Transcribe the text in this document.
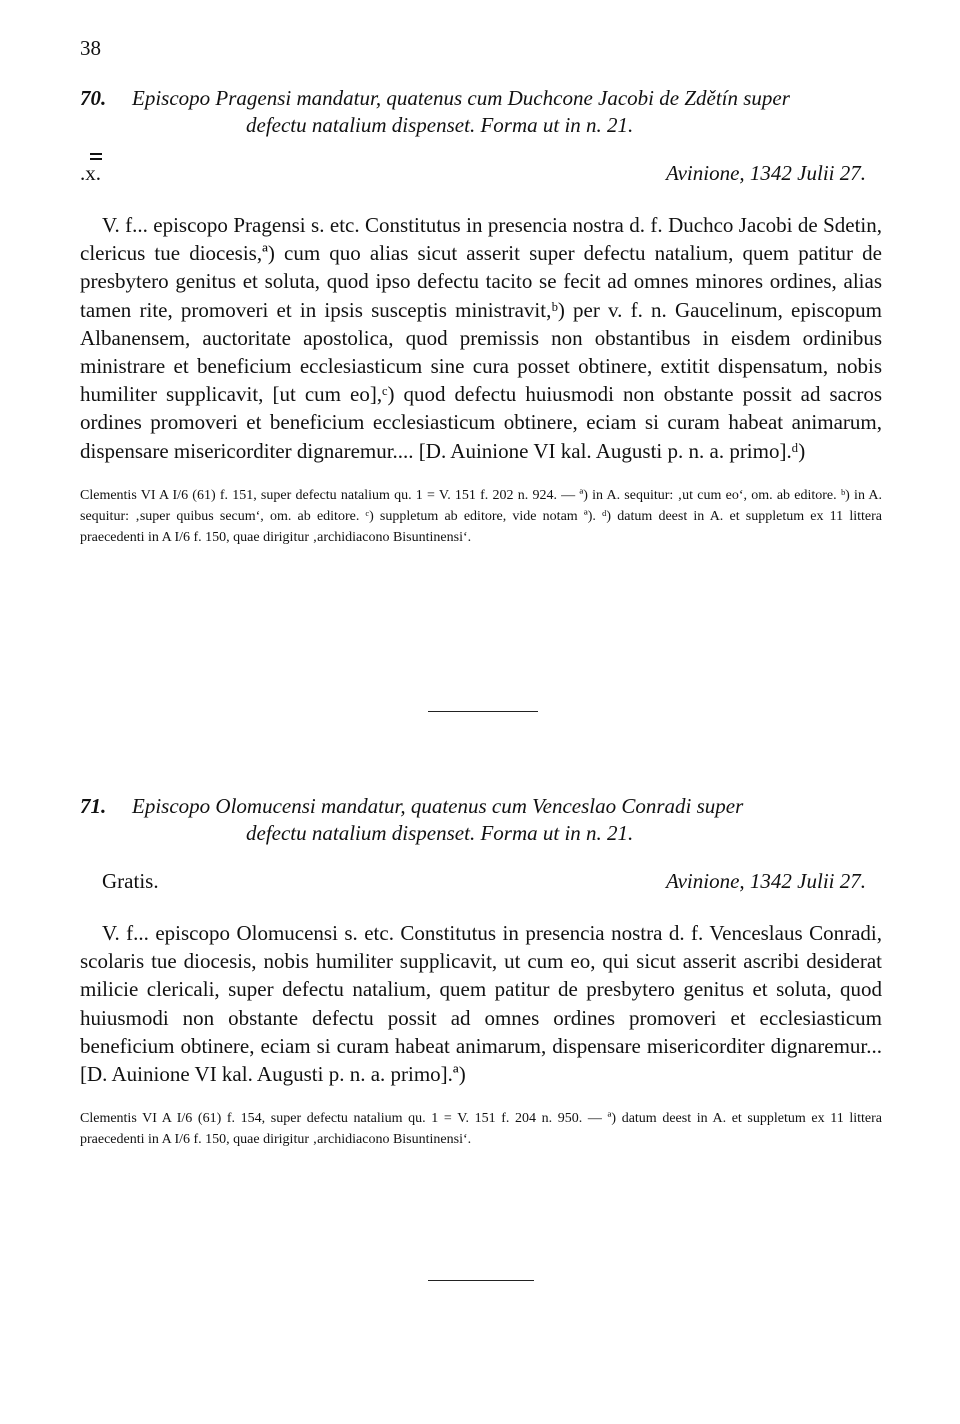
38
70.	Episcopo Pragensi mandatur, quatenus cum Duchcone Jacobi de Zdětín super
defectu natalium dispenset. Forma ut in n. 21.
.x.	Avinione, 1342 Julii 27.
V. f... episcopo Pragensi s. etc. Constitutus in presencia nostra d. f. Duchco Jacobi de Sdetin, clericus tue diocesis,ª) cum quo alias sicut asserit super defectu natalium, quem patitur de presbytero genitus et soluta, quod ipso defectu tacito se fecit ad omnes minores ordines, alias tamen rite, promoveri et in ipsis susceptis ministravit,ᵇ) per v. f. n. Gaucelinum, episcopum Albanensem, auctoritate apostolica, quod premissis non obstantibus in eisdem ordinibus ministrare et beneficium ecclesiasticum sine cura posset obtinere, extitit dispensatum, nobis humiliter supplicavit, [ut cum eo],ᶜ) quod defectu huiusmodi non obstante possit ad sacros ordines promoveri et beneficium ecclesiasticum obtinere, eciam si curam habeat animarum, dispensare misericorditer dignaremur.... [D. Auinione VI kal. Augusti p. n. a. primo].ᵈ)
Clementis VI A I/6 (61) f. 151, super defectu natalium qu. 1 = V. 151 f. 202 n. 924. — ª) in A. sequitur: ‚ut cum eo‘, om. ab editore. ᵇ) in A. sequitur: ‚super quibus secum‘, om. ab editore. ᶜ) suppletum ab editore, vide notam ª). ᵈ) datum deest in A. et suppletum ex 11 littera praecedenti in A I/6 f. 150, quae dirigitur ‚archidiacono Bisuntinensi‘.
71.	Episcopo Olomucensi mandatur, quatenus cum Venceslao Conradi super
defectu natalium dispenset. Forma ut in n. 21.
Gratis.	Avinione, 1342 Julii 27.
V. f... episcopo Olomucensi s. etc. Constitutus in presencia nostra d. f. Venceslaus Conradi, scolaris tue diocesis, nobis humiliter supplicavit, ut cum eo, qui sicut asserit ascribi desiderat milicie clericali, super defectu natalium, quem patitur de presbytero genitus et soluta, quod huiusmodi non obstante defectu possit ad omnes ordines promoveri et ecclesiasticum beneficium obtinere, eciam si curam habeat animarum, dispensare misericorditer dignaremur... [D. Auinione VI kal. Augusti p. n. a. primo].ª)
Clementis VI A I/6 (61) f. 154, super defectu natalium qu. 1 = V. 151 f. 204 n. 950. — ª) datum deest in A. et suppletum ex 11 littera praecedenti in A I/6 f. 150, quae dirigitur ‚archidiacono Bisuntinensi‘.
